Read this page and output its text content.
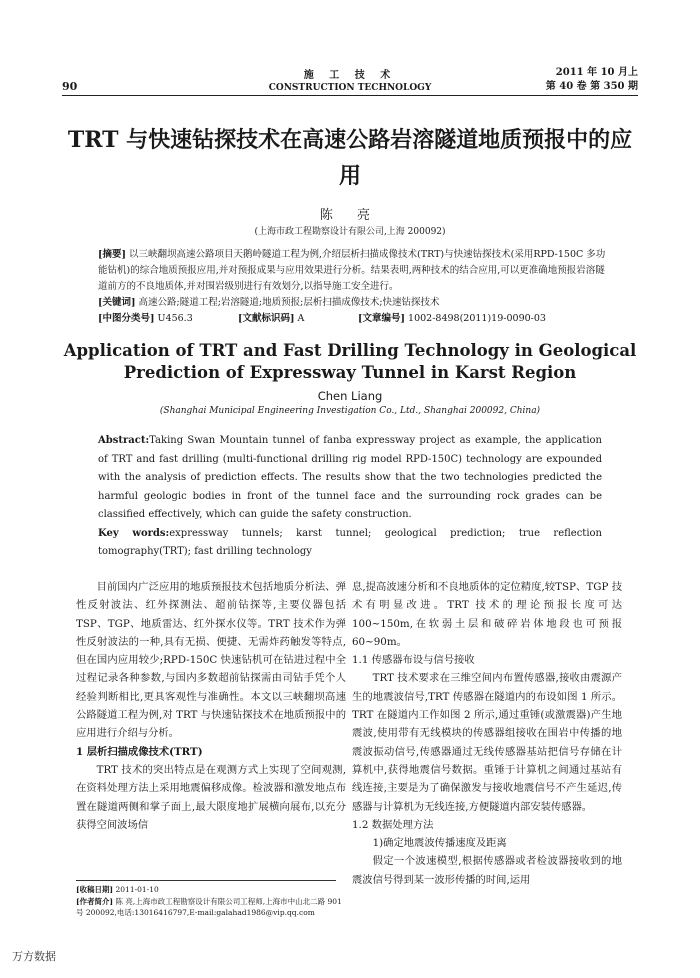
90
施 工 技 术
CONSTRUCTION TECHNOLOGY
2011 年 10 月上
第 40 卷 第 350 期
TRT 与快速钻探技术在高速公路岩溶隧道地质预报中的应用
陈 亮
(上海市政工程勘察设计有限公司,上海 200092)

[摘要] 以三峡翻坝高速公路项目天鹅岭隧道工程为例,介绍层析扫描成像技术(TRT)与快速钻探技术(采用RPD-150C 多功能钻机)的综合地质预报应用,并对预报成果与应用效果进行分析。结果表明,两种技术的结合应用,可以更准确地预报岩溶隧道前方的不良地质体,并对围岩级别进行有效划分,以指导施工安全进行。

[关键词] 高速公路;隧道工程;岩溶隧道;地质预报;层析扫描成像技术;快速钻探技术

[中图分类号] U456.3	[文献标识码] A	[文章编号] 1002-8498(2011)19-0090-03
Application of TRT and Fast Drilling Technology in Geological Prediction of Expressway Tunnel in Karst Region
Chen Liang
(Shanghai Municipal Engineering Investigation Co., Ltd., Shanghai 200092, China)

Abstract:Taking Swan Mountain tunnel of fanba expressway project as example, the application of TRT and fast drilling (multi-functional drilling rig model RPD-150C) technology are expounded with the analysis of prediction effects. The results show that the two technologies predicted the harmful geologic bodies in front of the tunnel face and the surrounding rock grades can be classified effectively, which can guide the safety construction.

Key words:expressway tunnels; karst tunnel; geological prediction; true reflection tomography(TRT); fast drilling technology

目前国内广泛应用的地质预报技术包括地质分析法、弹性反射波法、红外探测法、超前钻探等,主要仪器包括 TSP、TGP、地质雷达、红外探水仪等。TRT 技术作为弹性反射波法的一种,具有无损、便捷、无需炸药触发等特点,但在国内应用较少;RPD-150C 快速钻机可在钻进过程中全过程记录各种参数,与国内多数超前钻探需由司钻手凭个人经验判断相比,更具客观性与准确性。本文以三峡翻坝高速公路隧道工程为例,对 TRT 与快速钻探技术在地质预报中的应用进行介绍与分析。

1 层析扫描成像技术(TRT)

TRT 技术的突出特点是在观测方式上实现了空间观测,在资料处理方法上采用地震偏移成像。检波器和激发地点布置在隧道两侧和掌子面上,最大限度地扩展横向展布,以充分获得空间波场信

息,提高波速分析和不良地质体的定位精度,较TSP、TGP 技术有明显改进。TRT 技术的理论预报长度可达 100~150m,在软弱土层和破碎岩体地段也可预报 60~90m。

1.1 传感器布设与信号接收

TRT 技术要求在三维空间内布置传感器,接收由震源产生的地震波信号,TRT 传感器在隧道内的布设如图 1 所示。TRT 在隧道内工作如图 2 所示,通过重锤(或激震器)产生地震波,使用带有无线模块的传感器组接收在围岩中传播的地震波振动信号,传感器通过无线传感器基站把信号存储在计算机中,获得地震信号数据。重锤于计算机之间通过基站有线连接,主要是为了确保激发与接收地震信号不产生延迟,传感器与计算机为无线连接,方便隧道内部安装传感器。

1.2 数据处理方法

1)确定地震波传播速度及距离

假定一个波速模型,根据传感器或者检波器接收到的地震波信号得到某一波形传播的时间,运用

[收稿日期] 2011-01-10

[作者简介] 陈 亮,上海市政工程勘察设计有限公司工程师,上海市中山北二路 901 号 200092,电话:13016416797,E-mail:galahad1986@vip.qq.com

万方数据
